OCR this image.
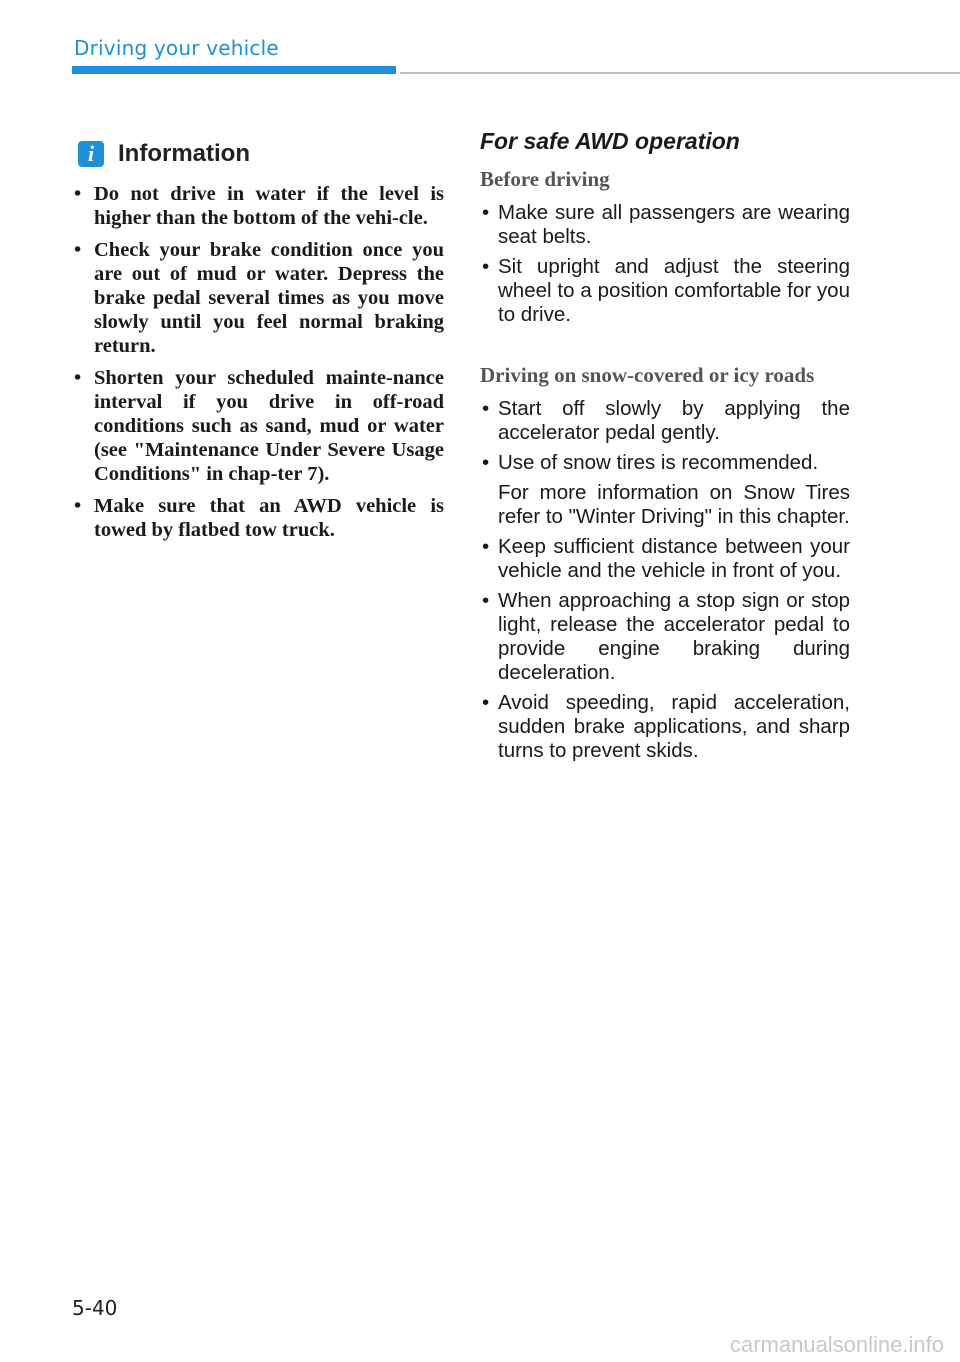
Driving your vehicle
i Information
• Do not drive in water if the level is higher than the bottom of the vehi-cle.
• Check your brake condition once you are out of mud or water. Depress the brake pedal several times as you move slowly until you feel normal braking return.
• Shorten your scheduled mainte-nance interval if you drive in off-road conditions such as sand, mud or water (see "Maintenance Under Severe Usage Conditions" in chap-ter 7).
• Make sure that an AWD vehicle is towed by flatbed tow truck.
For safe AWD operation
Before driving
• Make sure all passengers are wearing seat belts.
• Sit upright and adjust the steering wheel to a position comfortable for you to drive.
Driving on snow-covered or icy roads
• Start off slowly by applying the accelerator pedal gently.
• Use of snow tires is recommended.

For more information on Snow Tires refer to "Winter Driving" in this chapter.

• Keep sufficient distance between your vehicle and the vehicle in front of you.
• When approaching a stop sign or stop light, release the accelerator pedal to provide engine braking during deceleration.
• Avoid speeding, rapid acceleration, sudden brake applications, and sharp turns to prevent skids.
5-40
carmanualsonline.info
